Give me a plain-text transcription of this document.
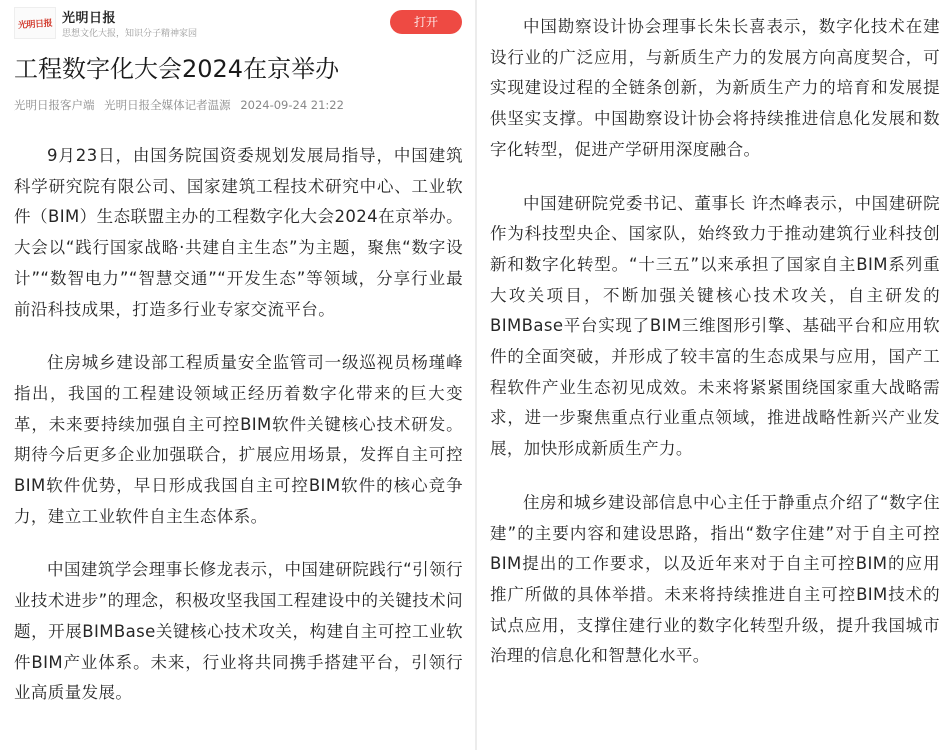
光明日报 光明日报
思想文化大报，知识分子精神家园
打开
工程数字化大会2024在京举办
光明日报客户端 光明日报全媒体记者温源 2024-09-24 21:22

9月23日，由国务院国资委规划发展局指导，中国建筑科学研究院有限公司、国家建筑工程技术研究中心、工业软件（BIM）生态联盟主办的工程数字化大会2024在京举办。大会以“践行国家战略·共建自主生态”为主题，聚焦“数字设计”“数智电力”“智慧交通”“开发生态”等领域，分享行业最前沿科技成果，打造多行业专家交流平台。

住房城乡建设部工程质量安全监管司一级巡视员杨瑾峰指出，我国的工程建设领域正经历着数字化带来的巨大变革，未来要持续加强自主可控BIM软件关键核心技术研发。期待今后更多企业加强联合，扩展应用场景，发挥自主可控BIM软件优势，早日形成我国自主可控BIM软件的核心竞争力，建立工业软件自主生态体系。

中国建筑学会理事长修龙表示，中国建研院践行“引领行业技术进步”的理念，积极攻坚我国工程建设中的关键技术问题，开展BIMBase关键核心技术攻关，构建自主可控工业软件BIM产业体系。未来，行业将共同携手搭建平台，引领行业高质量发展。

中国勘察设计协会理事长朱长喜表示，数字化技术在建设行业的广泛应用，与新质生产力的发展方向高度契合，可实现建设过程的全链条创新，为新质生产力的培育和发展提供坚实支撑。中国勘察设计协会将持续推进信息化发展和数字化转型，促进产学研用深度融合。

中国建研院党委书记、董事长 许杰峰表示，中国建研院作为科技型央企、国家队，始终致力于推动建筑行业科技创新和数字化转型。“十三五”以来承担了国家自主BIM系列重大攻关项目，不断加强关键核心技术攻关，自主研发的BIMBase平台实现了BIM三维图形引擎、基础平台和应用软件的全面突破，并形成了较丰富的生态成果与应用，国产工程软件产业生态初见成效。未来将紧紧围绕国家重大战略需求，进一步聚焦重点行业重点领域，推进战略性新兴产业发展，加快形成新质生产力。

住房和城乡建设部信息中心主任于静重点介绍了“数字住建”的主要内容和建设思路，指出“数字住建”对于自主可控BIM提出的工作要求，以及近年来对于自主可控BIM的应用推广所做的具体举措。未来将持续推进自主可控BIM技术的试点应用，支撑住建行业的数字化转型升级，提升我国城市治理的信息化和智慧化水平。
